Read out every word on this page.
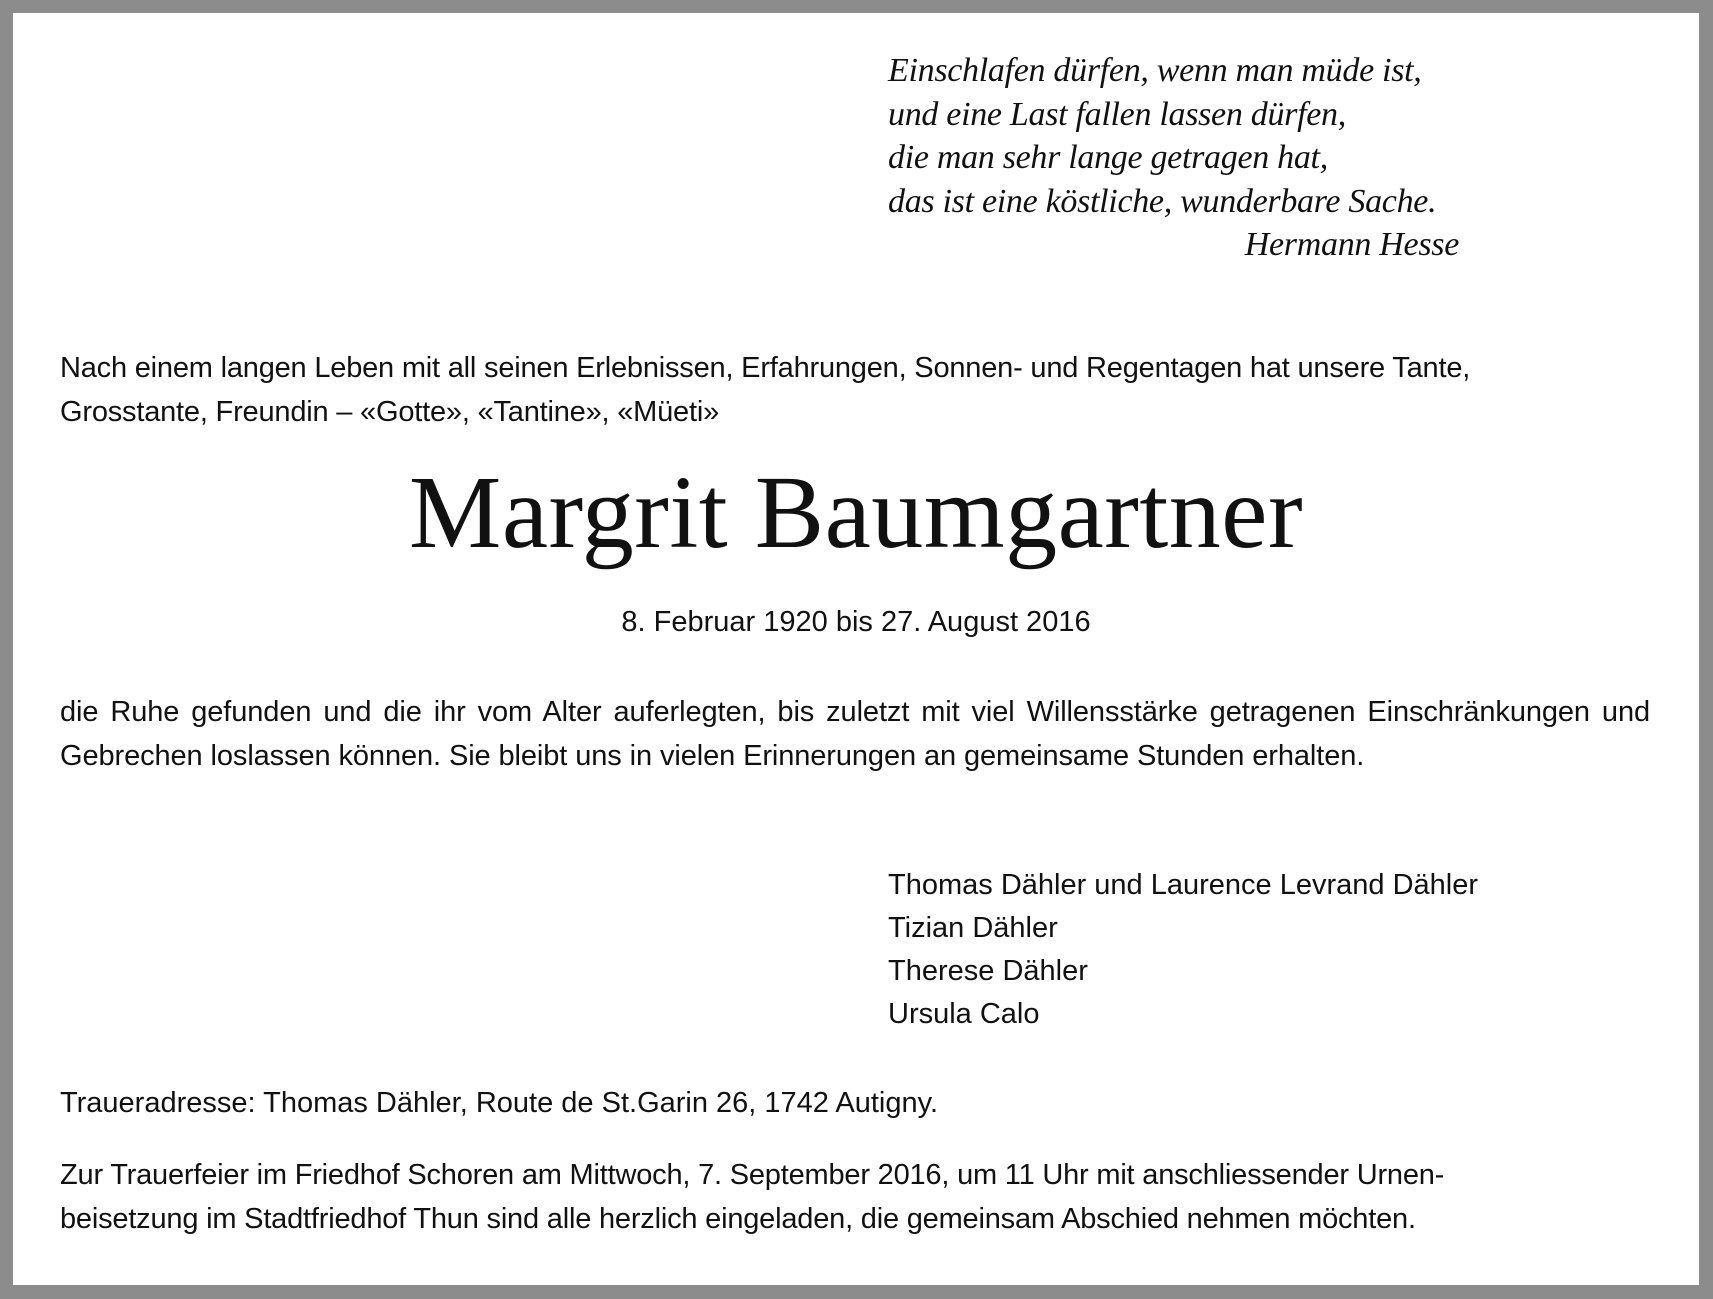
Einschlafen dürfen, wenn man müde ist,
und eine Last fallen lassen dürfen,
die man sehr lange getragen hat,
das ist eine köstliche, wunderbare Sache.
Hermann Hesse
Nach einem langen Leben mit all seinen Erlebnissen, Erfahrungen, Sonnen- und Regentagen hat unsere Tante,
Grosstante, Freundin – «Gotte», «Tantine», «Müeti»
Margrit Baumgartner
8. Februar 1920 bis 27. August 2016
die Ruhe gefunden und die ihr vom Alter auferlegten, bis zuletzt mit viel Willensstärke getragenen Einschränkungen und Gebrechen loslassen können. Sie bleibt uns in vielen Erinnerungen an gemeinsame Stunden erhalten.
Thomas Dähler und Laurence Levrand Dähler
Tizian Dähler
Therese Dähler
Ursula Calo
Traueradresse: Thomas Dähler, Route de St.Garin 26, 1742 Autigny.
Zur Trauerfeier im Friedhof Schoren am Mittwoch, 7. September 2016, um 11 Uhr mit anschliessender Urnen-
beisetzung im Stadtfriedhof Thun sind alle herzlich eingeladen, die gemeinsam Abschied nehmen möchten.
